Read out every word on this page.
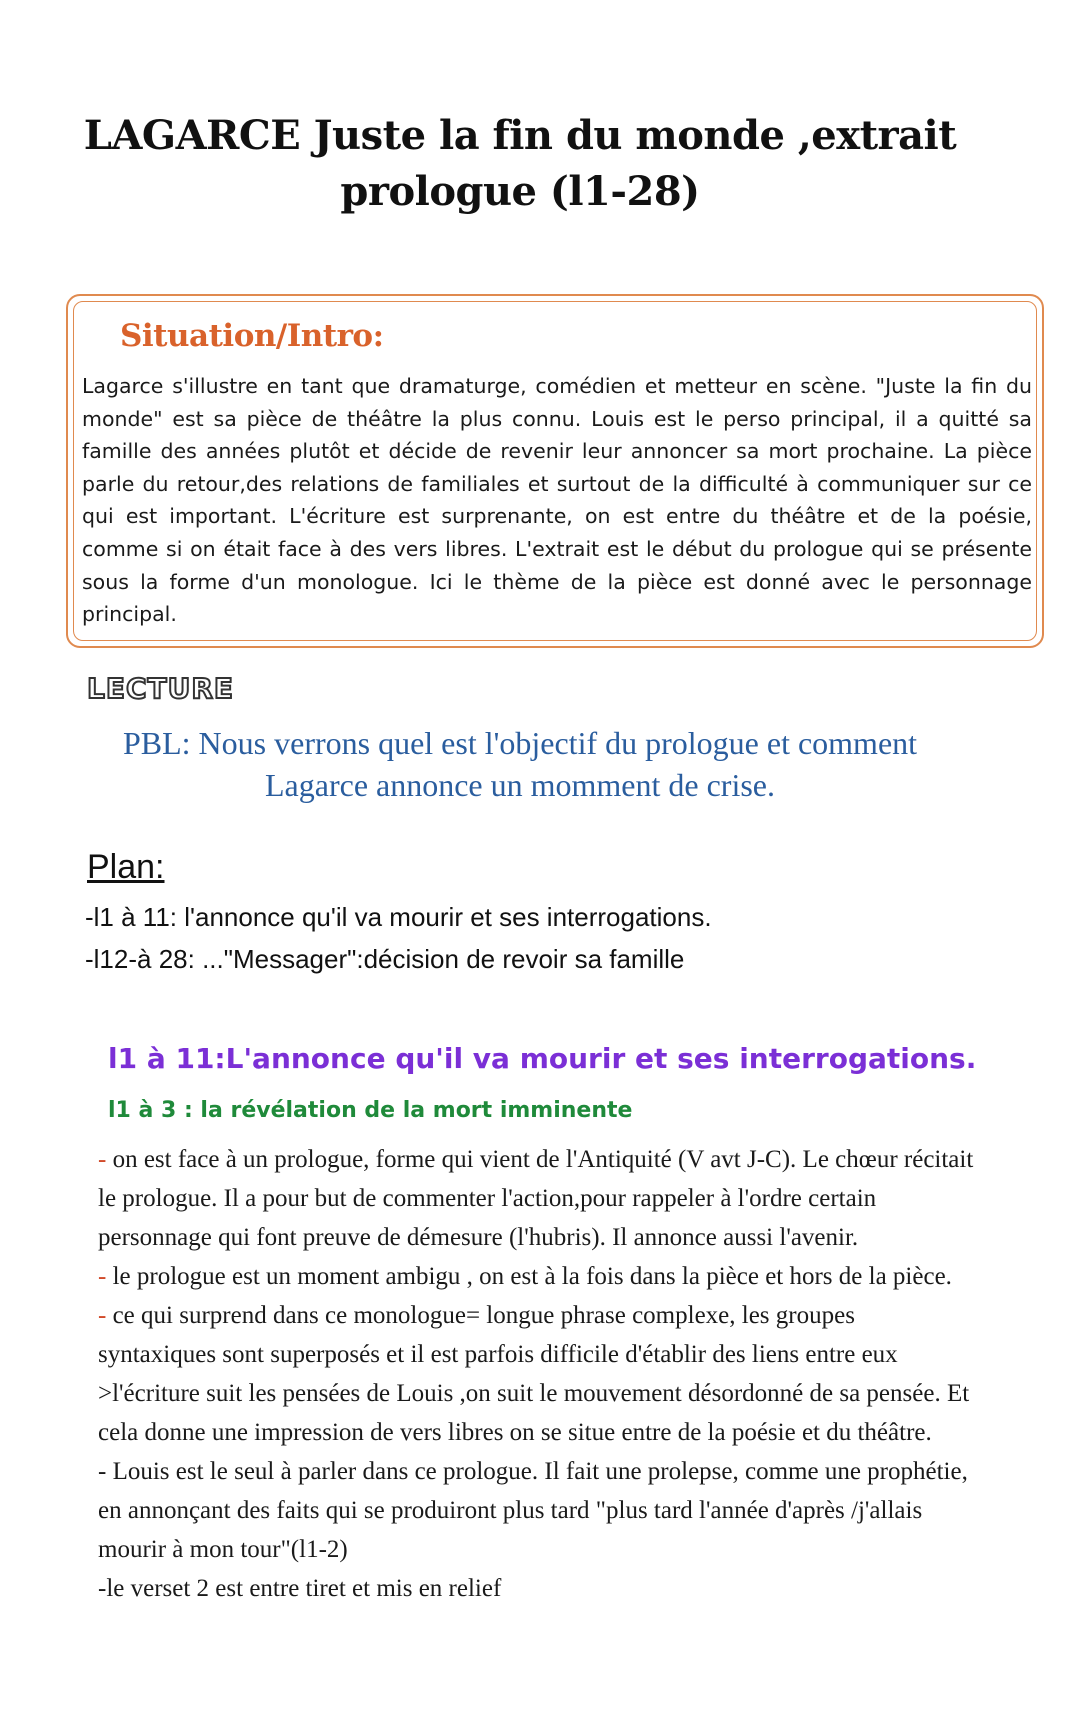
LAGARCE Juste la fin du monde ,extrait
prologue (l1-28)
Situation/Intro:
Lagarce s'illustre en tant que dramaturge, comédien et metteur en scène. "Juste la fin du monde" est sa pièce de théâtre la plus connu. Louis est le perso principal, il a quitté sa famille des années plutôt et décide de revenir leur annoncer sa mort prochaine. La pièce parle du retour,des relations de familiales et surtout de la difficulté à communiquer sur ce qui est important. L'écriture est surprenante, on est entre du théâtre et de la poésie, comme si on était face à des vers libres. L'extrait est le début du prologue qui se présente sous la forme d'un monologue. Ici le thème de la pièce est donné avec le personnage principal.
LECTURE
PBL: Nous verrons quel est l'objectif du prologue et comment
Lagarce annonce un momment de crise.
Plan:
-l1 à 11: l'annonce qu'il va mourir et ses interrogations.
-l12-à 28: ..."Messager":décision de revoir sa famille
l1 à 11:L'annonce qu'il va mourir et ses interrogations.
l1 à 3 : la révélation de la mort imminente

- on est face à un prologue, forme qui vient de l'Antiquité (V avt J-C). Le chœur récitait le prologue. Il a pour but de commenter l'action,pour rappeler à l'ordre certain personnage qui font preuve de démesure (l'hubris). Il annonce aussi l'avenir.

- le prologue est un moment ambigu , on est à la fois dans la pièce et hors de la pièce.

- ce qui surprend dans ce monologue= longue phrase complexe, les groupes syntaxiques sont superposés et il est parfois difficile d'établir des liens entre eux >l'écriture suit les pensées de Louis ,on suit le mouvement désordonné de sa pensée. Et cela donne une impression de vers libres on se situe entre de la poésie et du théâtre.

- Louis est le seul à parler dans ce prologue. Il fait une prolepse, comme une prophétie, en annonçant des faits qui se produiront plus tard "plus tard l'année d'après /j'allais mourir à mon tour"(l1-2)

-le verset 2 est entre tiret et mis en relief
